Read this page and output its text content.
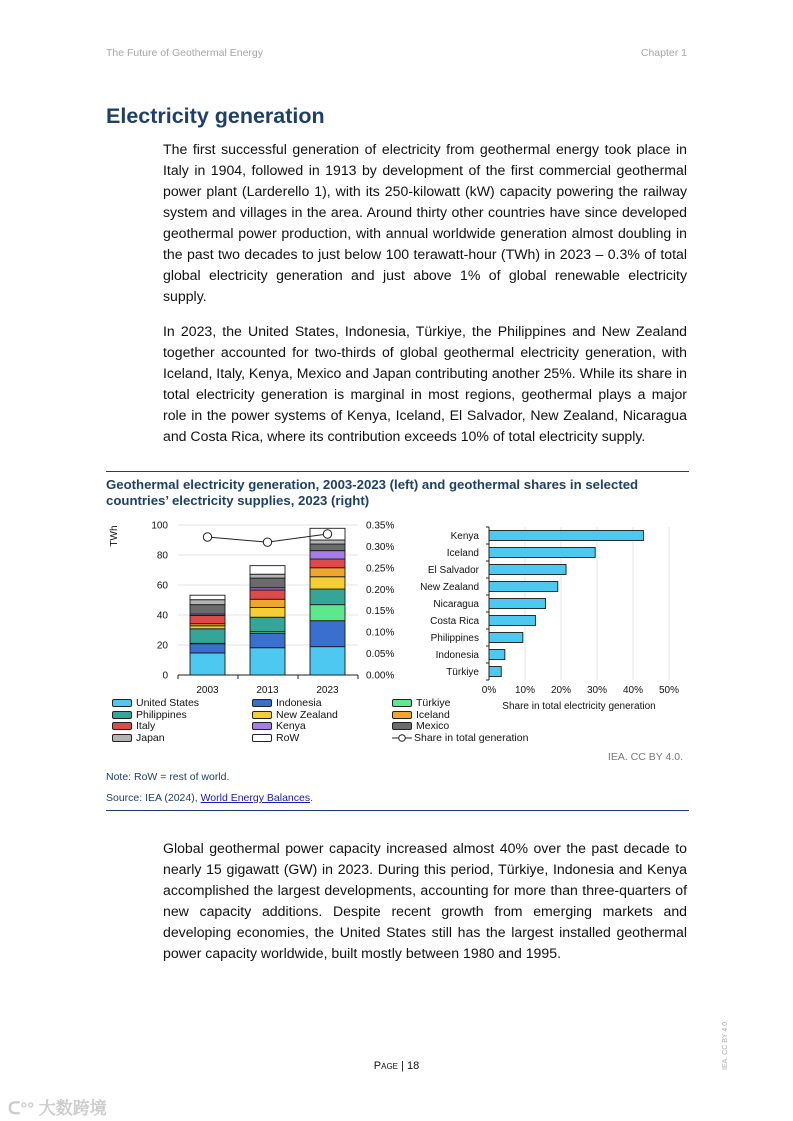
The Future of Geothermal Energy	Chapter 1
Electricity generation

The first successful generation of electricity from geothermal energy took place in Italy in 1904, followed in 1913 by development of the first commercial geothermal power plant (Larderello 1), with its 250-kilowatt (kW) capacity powering the railway system and villages in the area. Around thirty other countries have since developed geothermal power production, with annual worldwide generation almost doubling in the past two decades to just below 100 terawatt-hour (TWh) in 2023 – 0.3% of total global electricity generation and just above 1% of global renewable electricity supply.

In 2023, the United States, Indonesia, Türkiye, the Philippines and New Zealand together accounted for two-thirds of global geothermal electricity generation, with Iceland, Italy, Kenya, Mexico and Japan contributing another 25%. While its share in total electricity generation is marginal in most regions, geothermal plays a major role in the power systems of Kenya, Iceland, El Salvador, New Zealand, Nicaragua and Costa Rica, where its contribution exceeds 10% of total electricity supply.

Geothermal electricity generation, 2003-2023 (left) and geothermal shares in selected countries’ electricity supplies, 2023 (right)

0
20
40
60
80
100
0.00%
0.05%
0.10%
0.15%
0.20%
0.25%
0.30%
0.35%
TWh
2003	2013	2023	0% 10% 20% 30% 40% 50%
Kenya
Iceland
El Salvador
New Zealand
Nicaragua
Costa Rica
Philippines
Indonesia
Türkiye
Share in total electricity generation
United States	Indonesia	Türkiye
Philippines	New Zealand	Iceland
Italy	Kenya	Mexico
Japan	RoW	Share in total generation
IEA. CC BY 4.0.
Note: RoW = rest of world.
Source: IEA (2024), World Energy Balances.

Global geothermal power capacity increased almost 40% over the past decade to nearly 15 gigawatt (GW) in 2023. During this period, Türkiye, Indonesia and Kenya accomplished the largest developments, accounting for more than three-quarters of new capacity additions. Despite recent growth from emerging markets and developing economies, the United States still has the largest installed geothermal power capacity worldwide, built mostly between 1980 and 1995.

Page | 18	IEA. CC BY 4.0.
ᑕ°° 大数跨境
